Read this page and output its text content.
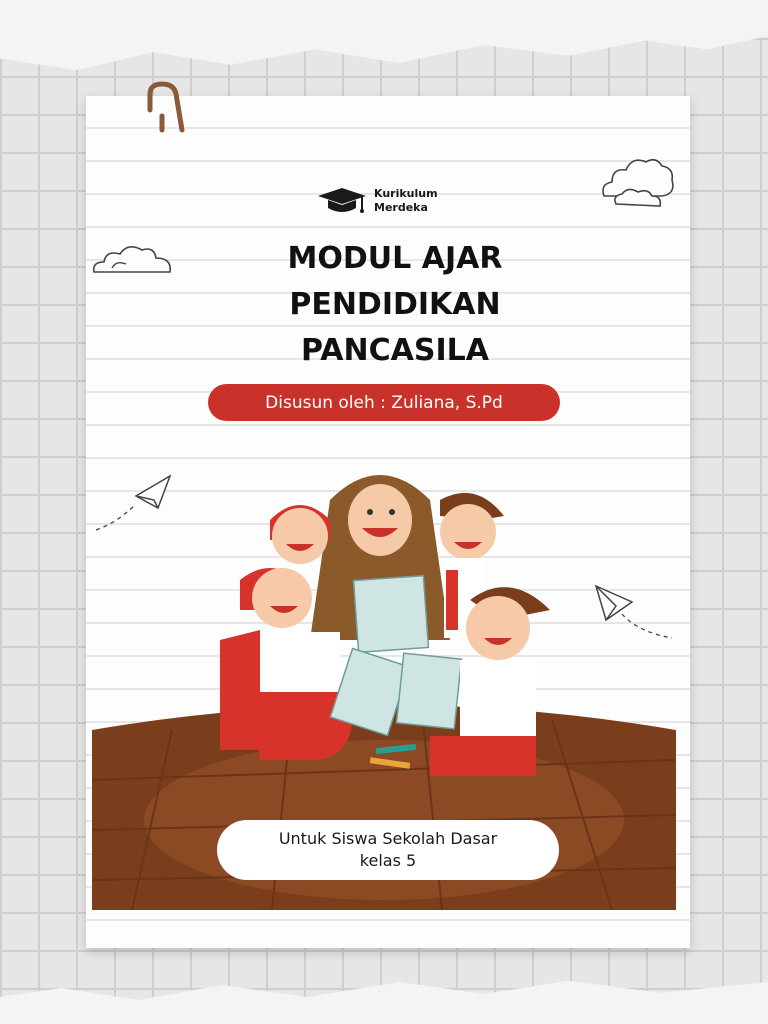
Kurikulum
Merdeka
MODUL AJAR
PENDIDIKAN
PANCASILA
Disusun oleh : Zuliana, S.Pd
Untuk Siswa Sekolah Dasar
kelas 5
